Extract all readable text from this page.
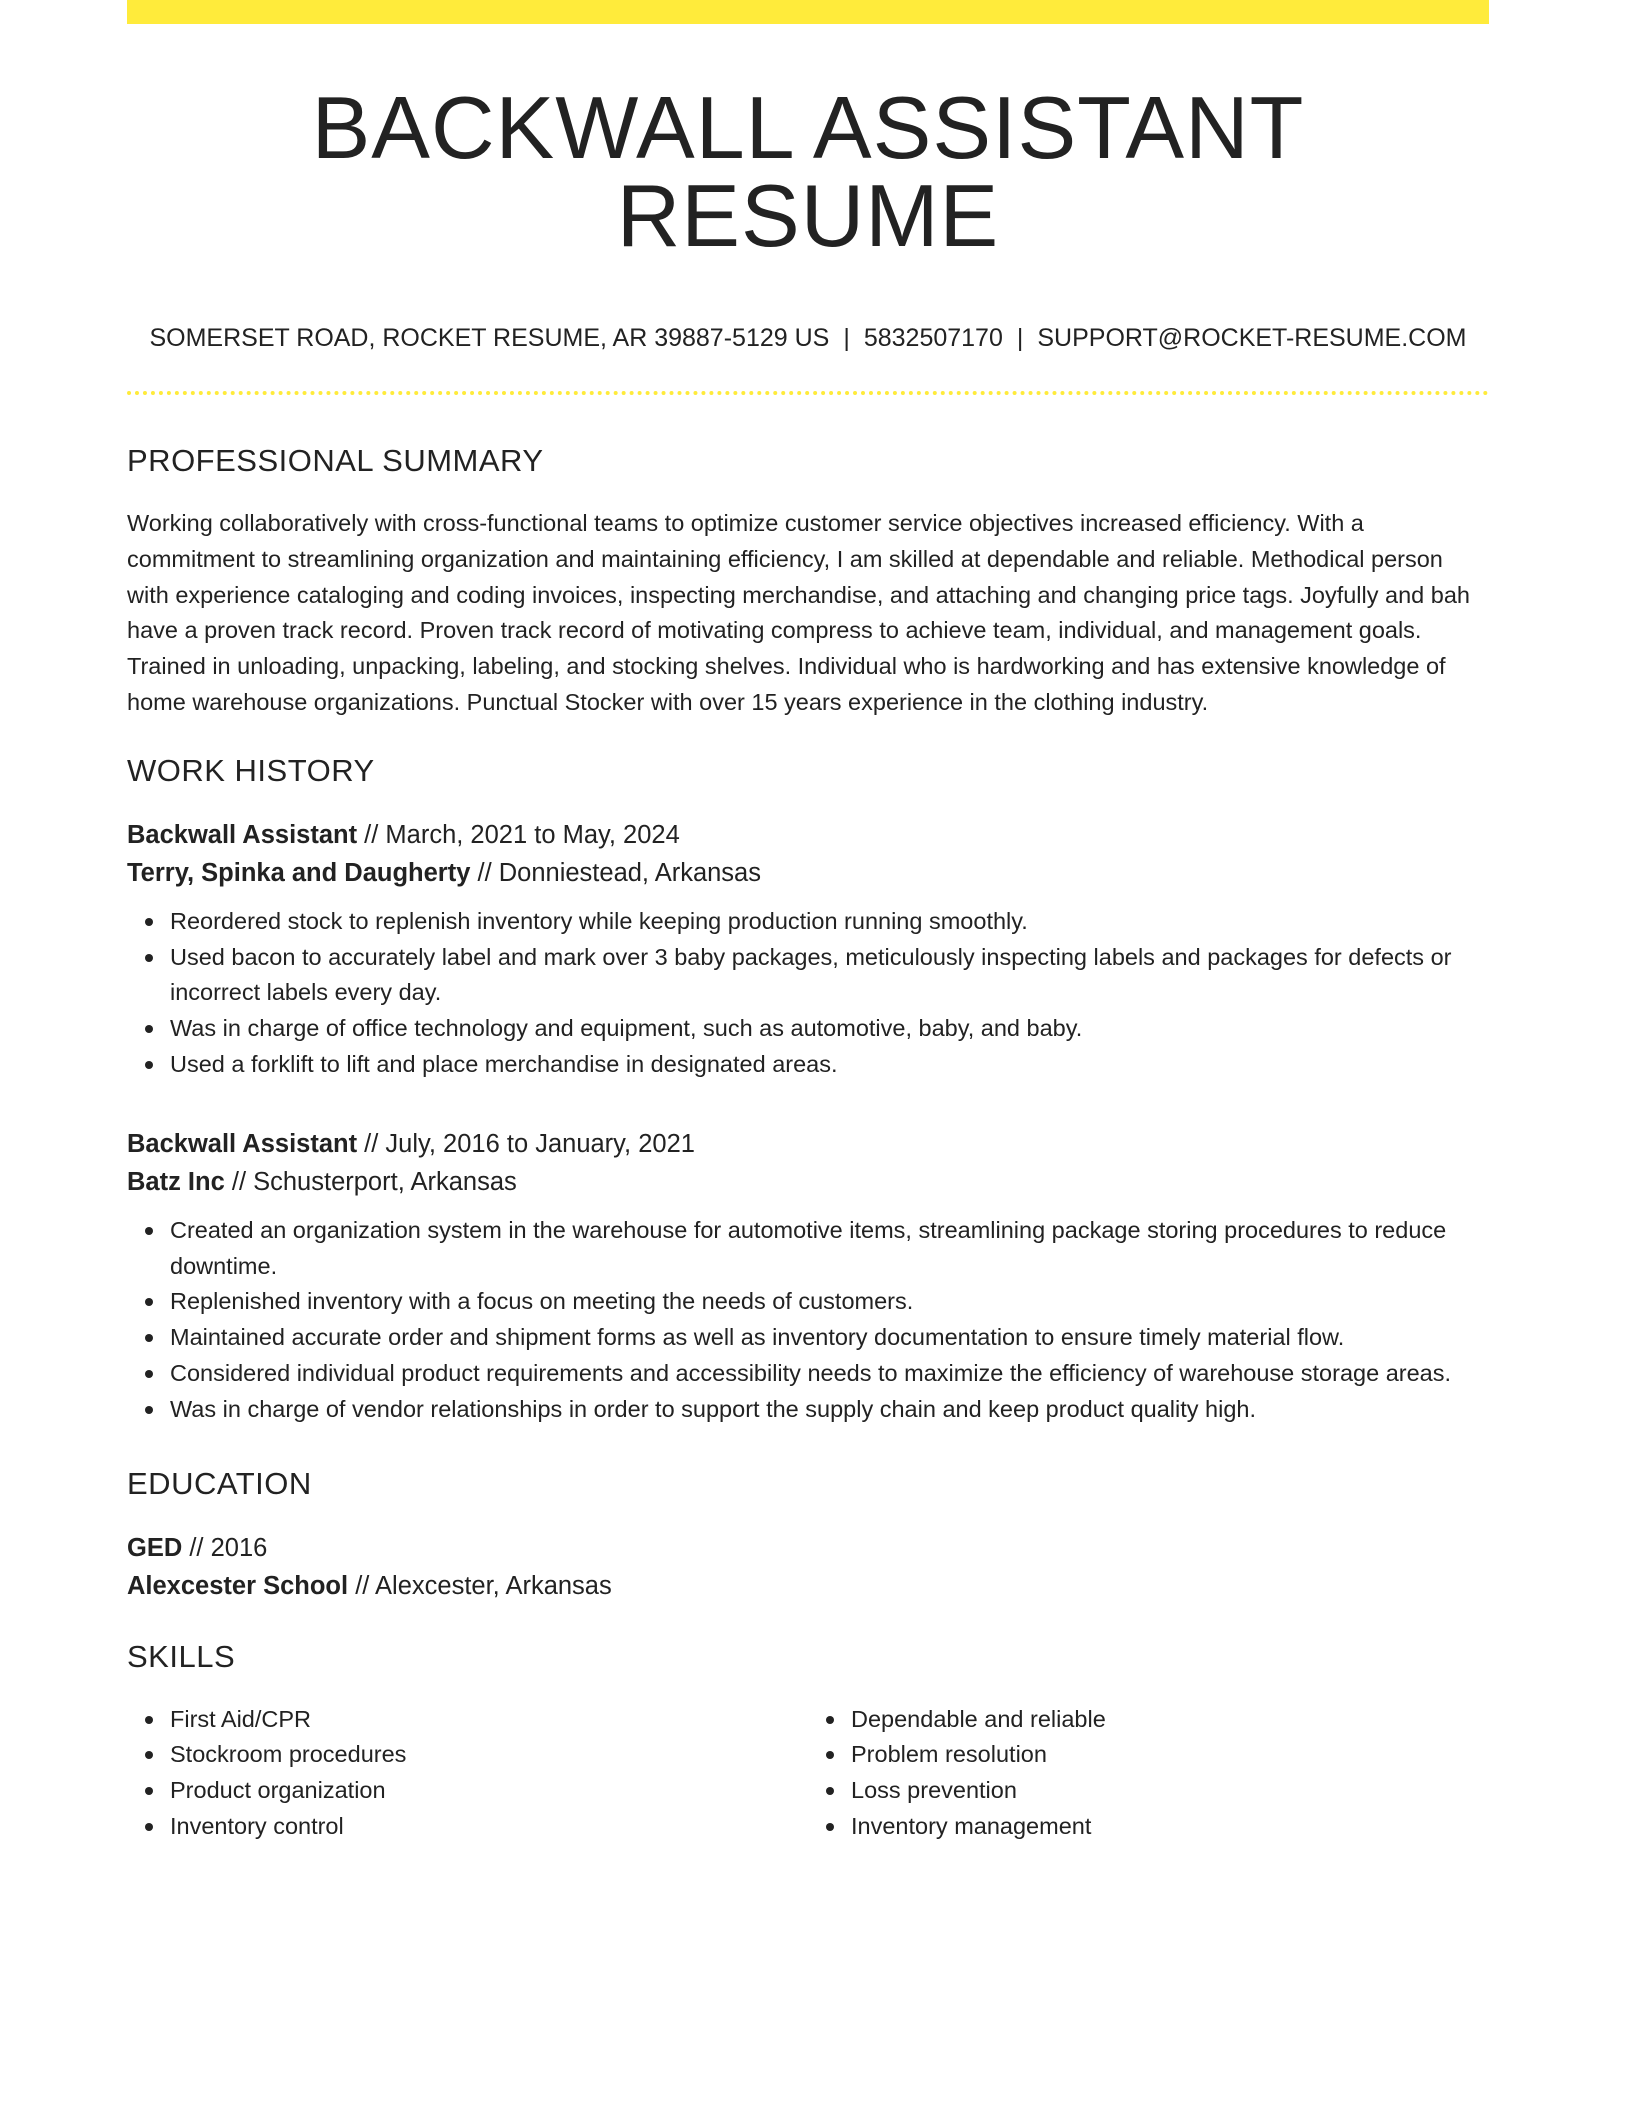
BACKWALL ASSISTANT RESUME
SOMERSET ROAD, ROCKET RESUME, AR 39887-5129 US | 5832507170 | SUPPORT@ROCKET-RESUME.COM
PROFESSIONAL SUMMARY

Working collaboratively with cross-functional teams to optimize customer service objectives increased efficiency. With a commitment to streamlining organization and maintaining efficiency, I am skilled at dependable and reliable. Methodical person with experience cataloging and coding invoices, inspecting merchandise, and attaching and changing price tags. Joyfully and bah have a proven track record. Proven track record of motivating compress to achieve team, individual, and management goals. Trained in unloading, unpacking, labeling, and stocking shelves. Individual who is hardworking and has extensive knowledge of home warehouse organizations. Punctual Stocker with over 15 years experience in the clothing industry.

WORK HISTORY
Backwall Assistant // March, 2021 to May, 2024
Terry, Spinka and Daugherty // Donniestead, Arkansas
Reordered stock to replenish inventory while keeping production running smoothly.
Used bacon to accurately label and mark over 3 baby packages, meticulously inspecting labels and packages for defects or incorrect labels every day.
Was in charge of office technology and equipment, such as automotive, baby, and baby.
Used a forklift to lift and place merchandise in designated areas.
Backwall Assistant // July, 2016 to January, 2021
Batz Inc // Schusterport, Arkansas
Created an organization system in the warehouse for automotive items, streamlining package storing procedures to reduce downtime.
Replenished inventory with a focus on meeting the needs of customers.
Maintained accurate order and shipment forms as well as inventory documentation to ensure timely material flow.
Considered individual product requirements and accessibility needs to maximize the efficiency of warehouse storage areas.
Was in charge of vendor relationships in order to support the supply chain and keep product quality high.
EDUCATION
GED // 2016
Alexcester School // Alexcester, Arkansas
SKILLS
First Aid/CPR
Stockroom procedures
Product organization
Inventory control
Dependable and reliable
Problem resolution
Loss prevention
Inventory management
